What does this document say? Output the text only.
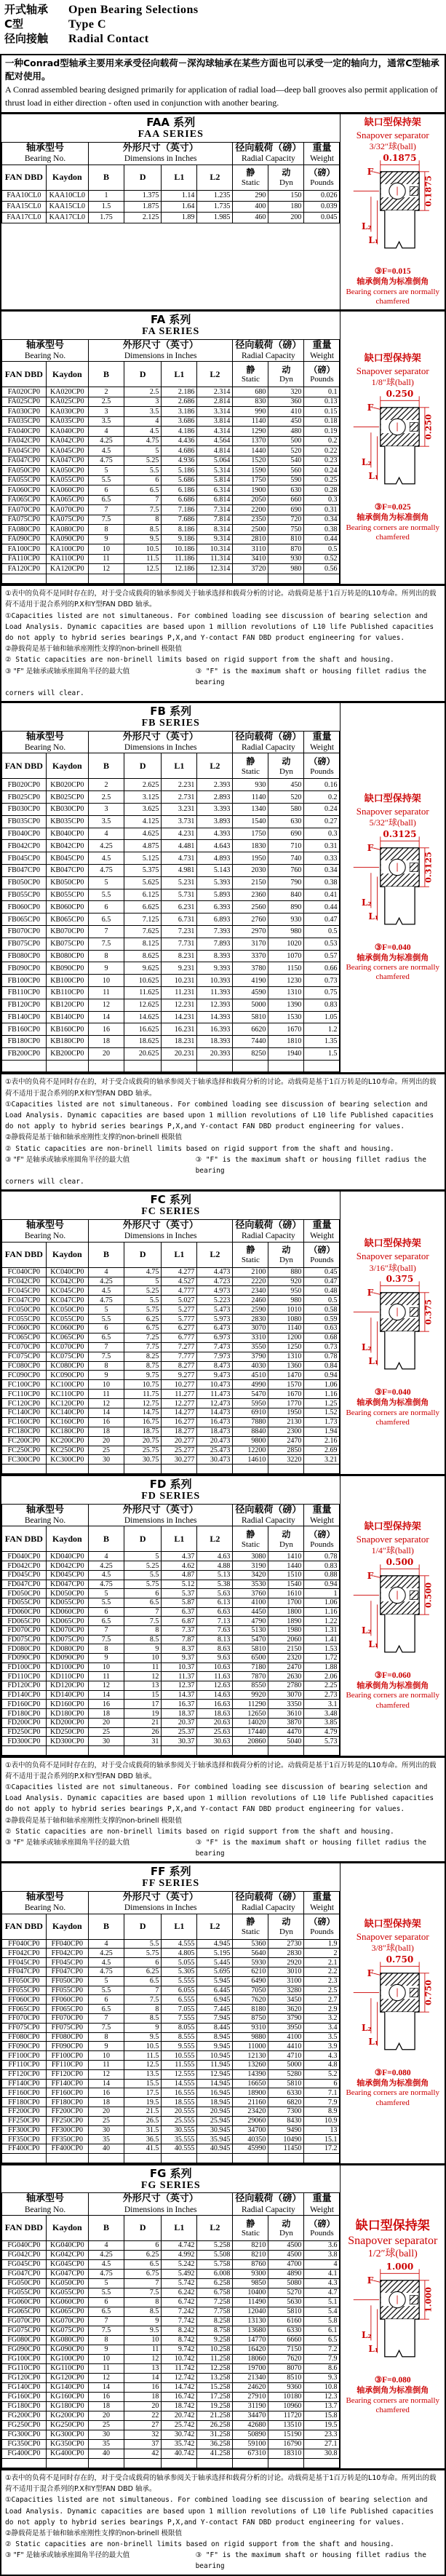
开式轴承	Open Bearing Selections
C型	Type C
径向接触	Radial Contact
一种Conrad型轴承主要用来承受径向载荷－深沟球轴承在某些方面也可以承受一定的轴向力，通常C型轴承配对使用。
A Conrad assembled bearing designed primarily for application of radial load—deep ball grooves also permit application of thrust load in either direction - often used in conjunction with another bearing.
FAA 系列
FAA SERIES
轴承型号
Bearing No.

外形尺寸（英寸）
Dimensions in Inches

径向载荷（磅）
Radial Capacity

重量
Weight

FAN DBD	Kaydon	B	D	L1	L2	静
Static

动
Dyn

（磅）
Pounds

FAA10CL0	KAA10CL0	1	1.375	1.14	1.235	290	150	0.026
FAA15CL0	KAA15CL0	1.5	1.875	1.64	1.735	400	180	0.039
FAA17CL0	KAA17CL0	1.75	2.125	1.89	1.985	460	200	0.045
缺口型保持架
Snapover separator
3/32″球(ball)
0.1875
0.1875
F
L₂
L₁
③F=0.015
轴承倒角为标准倒角
Bearing corners are normally chamfered
FA 系列
FA SERIES
轴承型号
Bearing No.

外形尺寸（英寸）
Dimensions in Inches

径向载荷（磅）
Radial Capacity

重量
Weight

FAN DBD	Kaydon	B	D	L1	L2	静
Static

动
Dyn

（磅）
Pounds

FA020CP0	KA020CP0	2	2.5	2.186	2.314	680	320	0.1
FA025CP0	KA025CP0	2.5	3	2.686	2.814	830	360	0.13
FA030CP0	KA030CP0	3	3.5	3.186	3.314	990	410	0.15
FA035CP0	KA035CP0	3.5	4	3.686	3.814	1140	450	0.18
FA040CP0	KA040CP0	4	4.5	4.186	4.314	1290	480	0.19
FA042CP0	KA042CP0	4.25	4.75	4.436	4.564	1370	500	0.2
FA045CP0	KA045CP0	4.5	5	4.686	4.814	1440	520	0.22
FA047CP0	KA047CP0	4.75	5.25	4.936	5.064	1520	540	0.23
FA050CP0	KA050CP0	5	5.5	5.186	5.314	1590	560	0.24
FA055CP0	KA055CP0	5.5	6	5.686	5.814	1750	590	0.25
FA060CP0	KA060CP0	6	6.5	6.186	6.314	1900	630	0.28
FA065CP0	KA065CP0	6.5	7	6.686	6.814	2050	660	0.3
FA070CP0	KA070CP0	7	7.5	7.186	7.314	2200	690	0.31
FA075CP0	KA075CP0	7.5	8	7.686	7.814	2350	720	0.34
FA080CP0	KA080CP0	8	8.5	8.186	8.314	2500	750	0.38
FA090CP0	KA090CP0	9	9.5	9.186	9.314	2810	810	0.44
FA100CP0	KA100CP0	10	10.5	10.186	10.314	3110	870	0.5
FA110CP0	KA110CP0	11	11.5	11.186	11.314	3410	930	0.52
FA120CP0	KA120CP0	12	12.5	12.186	12.314	3720	980	0.56

缺口型保持架
Snapover separator
1/8″球(ball)
0.250
0.250
F
L₂
L₁
③F=0.025
轴承倒角为标准倒角
Bearing corners are normally chamfered
①表中的负荷不是同时存在的，对于受合成载荷的轴承参阅关于轴承选择和载荷分析的讨论。动载荷是基于1百万转是的L10寿命。所列出的载荷不适用于混合系列的P.X和Y型FAN DBD 轴承。
①Capacities listed are not simultaneous. For combined loading see discussion of bearing selection and Load Analysis. Dynamic capacities are based upon 1 million revolutions of L10 life Published capacities do not apply to hybrid series bearings P,X,and Y-contact FAN DBD product engineering for values.
②静载荷是基于轴和轴承座刚性支撑的non-brinell 极限值
② Static capacities are non-brinell limits based on rigid support from the shaft and housing.
③ "F" 是轴承或轴承座圆角半径的最大值	③ "F" is the maximum shaft or housing fillet radius the bearing
corners will clear.
FB 系列
FB SERIES
轴承型号
Bearing No.

外形尺寸（英寸）
Dimensions in Inches

径向载荷（磅）
Radial Capacity

重量
Weight

FAN DBD	Kaydon	B	D	L1	L2	静
Static

动
Dyn

（磅）
Pounds

FB020CP0	KB020CP0	2	2.625	2.231	2.393	930	450	0.16
FB025CP0	KB025CP0	2.5	3.125	2.731	2.893	1140	520	0.2
FB030CP0	KB030CP0	3	3.625	3.231	3.393	1340	580	0.24
FB035CP0	KB035CP0	3.5	4.125	3.731	3.893	1540	630	0.27
FB040CP0	KB040CP0	4	4.625	4.231	4.393	1750	690	0.3
FB042CP0	KB042CP0	4.25	4.875	4.481	4.643	1830	710	0.31
FB045CP0	KB045CP0	4.5	5.125	4.731	4.893	1950	740	0.33
FB047CP0	KB047CP0	4.75	5.375	4.981	5.143	2030	760	0.34
FB050CP0	KB050CP0	5	5.625	5.231	5.393	2150	790	0.38
FB055CP0	KB055CP0	5.5	6.125	5.731	5.893	2360	840	0.41
FB060CP0	KB060CP0	6	6.625	6.231	6.393	2560	890	0.44
FB065CP0	KB065CP0	6.5	7.125	6.731	6.893	2760	930	0.47
FB070CP0	KB070CP0	7	7.625	7.231	7.393	2970	980	0.5
FB075CP0	KB075CP0	7.5	8.125	7.731	7.893	3170	1020	0.53
FB080CP0	KB080CP0	8	8.625	8.231	8.393	3370	1070	0.57
FB090CP0	KB090CP0	9	9.625	9.231	9.393	3780	1150	0.66
FB100CP0	KB100CP0	10	10.625	10.231	10.393	4190	1230	0.73
FB110CP0	KB110CP0	11	11.625	11.231	11.393	4590	1310	0.75
FB120CP0	KB120CP0	12	12.625	12.231	12.393	5000	1390	0.83
FB140CP0	KB140CP0	14	14.625	14.231	14.393	5810	1530	1.05
FB160CP0	KB160CP0	16	16.625	16.231	16.393	6620	1670	1.2
FB180CP0	KB180CP0	18	18.625	18.231	18.393	7440	1810	1.35
FB200CP0	KB200CP0	20	20.625	20.231	20.393	8250	1940	1.5

缺口型保持架
Snapover separator
5/32″球(ball)
0.3125
0.3125
F
L₂
L₁
③F=0.040
轴承倒角为标准倒角
Bearing corners are normally chamfered
①表中的负荷不是同时存在的，对于受合成载荷的轴承参阅关于轴承选择和载荷分析的讨论。动载荷是基于1百万转是的L10寿命。所列出的载荷不适用于混合系列的P.X和Y型FAN DBD 轴承。
①Capacities listed are not simultaneous. For combined loading see discussion of bearing selection and Load Analysis. Dynamic capacities are based upon 1 million revolutions of L10 life Published capacities do not apply to hybrid series bearings P,X,and Y-contact FAN DBD product engineering for values.
②静载荷是基于轴和轴承座刚性支撑的non-brinell 极限值
② Static capacities are non-brinell limits based on rigid support from the shaft and housing.
③ "F" 是轴承或轴承座圆角半径的最大值	③ "F" is the maximum shaft or housing fillet radius the bearing
corners will clear.
FC 系列
FC SERIES
轴承型号
Bearing No.

外形尺寸（英寸）
Dimensions in Inches

径向载荷（磅）
Radial Capacity

重量
Weight

FAN DBD	Kaydon	B	D	L1	L2	静
Static

动
Dyn

（磅）
Pounds

FC040CP0	KC040CP0	4	4.75	4.277	4.473	2100	880	0.45
FC042CP0	KC042CP0	4.25	5	4.527	4.723	2220	920	0.47
FC045CP0	KC045CP0	4.5	5.25	4.777	4.973	2340	950	0.48
FC047CP0	KC047CP0	4.75	5.5	5.027	5.223	2460	980	0.5
FC050CP0	KC050CP0	5	5.75	5.277	5.473	2590	1010	0.58
FC055CP0	KC055CP0	5.5	6.25	5.777	5.973	2830	1080	0.59
FC060CP0	KC060CP0	6	6.75	6.277	6.473	3070	1140	0.63
FC065CP0	KC065CP0	6.5	7.25	6.777	6.973	3310	1200	0.68
FC070CP0	KC070CP0	7	7.75	7.277	7.473	3550	1250	0.73
FC075CP0	KC075CP0	7.5	8.25	7.777	7.973	3790	1310	0.78
FC080CP0	KC080CP0	8	8.75	8.277	8.473	4030	1360	0.84
FC090CP0	KC090CP0	9	9.75	9.277	9.473	4510	1470	0.94
FC100CP0	KC100CP0	10	10.75	10.277	10.473	4990	1570	1.06
FC110CP0	KC110CP0	11	11.75	11.277	11.473	5470	1670	1.16
FC120CP0	KC120CP0	12	12.75	12.277	12.473	5950	1770	1.25
FC140CP0	KC140CP0	14	14.75	14.277	14.473	6910	1950	1.52
FC160CP0	KC160CP0	16	16.75	16.277	16.473	7880	2130	1.73
FC180CP0	KC180CP0	18	18.75	18.277	18.473	8840	2300	1.94
FC200CP0	KC200CP0	20	20.75	20.277	20.473	9800	2470	2.16
FC250CP0	KC250CP0	25	25.75	25.277	25.473	12200	2850	2.69
FC300CP0	KC300CP0	30	30.75	30.277	30.473	14610	3220	3.21

缺口型保持架
Snapover separator
3/16″球(ball)
0.375
0.375
F
L₂
L₁
③F=0.040
轴承倒角为标准倒角
Bearing corners are normally chamfered
FD 系列
FD SERIES
轴承型号
Bearing No.

外形尺寸（英寸）
Dimensions in Inches

径向载荷（磅）
Radial Capacity

重量
Weight

FAN DBD	Kaydon	B	D	L1	L2	静
Static

动
Dyn

（磅）
Pounds

FD040CP0	KD040CP0	4	5	4.37	4.63	3080	1410	0.78
FD042CP0	KD042CP0	4.25	5.25	4.62	4.88	3190	1440	0.83
FD045CP0	KD045CP0	4.5	5.5	4.87	5.13	3420	1510	0.88
FD047CP0	KD047CP0	4.75	5.75	5.12	5.38	3530	1540	0.94
FD050CP0	KD050CP0	5	6	5.37	5.63	3760	1610	1
FD055CP0	KD055CP0	5.5	6.5	5.87	6.13	4100	1700	1.06
FD060CP0	KD060CP0	6	7	6.37	6.63	4450	1800	1.16
FD065CP0	KD065CP0	6.5	7.5	6.87	7.13	4790	1890	1.22
FD070CP0	KD070CP0	7	8	7.37	7.63	5130	1980	1.31
FD075CP0	KD075CP0	7.5	8.5	7.87	8.13	5470	2060	1.41
FD080CP0	KD080CP0	8	9	8.37	8.63	5810	2150	1.53
FD090CP0	KD090CP0	9	10	9.37	9.63	6500	2320	1.72
FD100CP0	KD100CP0	10	11	10.37	10.63	7180	2470	1.88
FD110CP0	KD110CP0	11	12	11.37	11.63	7870	2630	2.06
FD120CP0	KD120CP0	12	13	12.37	12.63	8550	2780	2.25
FD140CP0	KD140CP0	14	15	14.37	14.63	9920	3070	2.73
FD160CP0	KD160CP0	16	17	16.37	16.63	11290	3350	3.1
FD180CP0	KD180CP0	18	19	18.37	18.63	12650	3610	3.48
FD200CP0	KD200CP0	20	21	20.37	20.63	14020	3870	3.85
FD250CP0	KD250CP0	25	26	25.37	25.63	17440	4470	4.79
FD300CP0	KD300CP0	30	31	30.37	30.63	20860	5040	5.73

缺口型保持架
Snapover separator
1/4″球(ball)
0.500
0.500
F
L₂
L₁
③F=0.060
轴承倒角为标准倒角
Bearing corners are normally chamfered
①表中的负荷不是同时存在的，对于受合成载荷的轴承参阅关于轴承选择和载荷分析的讨论。动载荷是基于1百万转是的L10寿命。所列出的载荷不适用于混合系列的P.X和Y型FAN DBD 轴承。
①Capacities listed are not simultaneous. For combined loading see discussion of bearing selection and Load Analysis. Dynamic capacities are based upon 1 million revolutions of L10 life Published capacities do not apply to hybrid series bearings P,X,and Y-contact FAN DBD product engineering for values.
②静载荷是基于轴和轴承座刚性支撑的non-brinell 极限值
② Static capacities are non-brinell limits based on rigid support from the shaft and housing.
③ "F" 是轴承或轴承座圆角半径的最大值	③ "F" is the maximum shaft or housing fillet radius the bearing
FF 系列
FF SERIES
轴承型号
Bearing No.

外形尺寸（英寸）
Dimensions in Inches

径向载荷（磅）
Radial Capacity

重量
Weight

FAN DBD	Kaydon	B	D	L1	L2	静
Static

动
Dyn

（磅）
Pounds

FF040CP0	FF040CP0	4	5.5	4.555	4.945	5360	2730	1.9
FF042CP0	FF042CP0	4.25	5.75	4.805	5.195	5640	2830	2
FF045CP0	FF045CP0	4.5	6	5.055	5.445	5930	2920	2.1
FF047CP0	FF047CP0	4.75	6.25	5.305	5.695	6210	3010	2.2
FF050CP0	FF050CP0	5	6.5	5.555	5.945	6490	3100	2.3
FF055CP0	FF055CP0	5.5	7	6.055	6.445	7050	3280	2.5
FF060CP0	FF060CP0	6	7.5	6.555	6.945	7620	3450	2.7
FF065CP0	FF065CP0	6.5	8	7.055	7.445	8180	3620	2.9
FF070CP0	FF070CP0	7	8.5	7.555	7.945	8750	3790	3.2
FF075CP0	FF075CP0	7.5	9	8.055	8.445	9310	3950	3.4
FF080CP0	FF080CP0	8	9.5	8.555	8.945	9880	4100	3.5
FF090CP0	FF090CP0	9	10.5	9.555	9.945	11000	4410	3.9
FF100CP0	FF100CP0	10	11.5	10.555	10.945	12130	4710	4.3
FF110CP0	FF110CP0	11	12.5	11.555	11.945	13260	5000	4.8
FF120CP0	FF120CP0	12	13.5	12.555	12.945	14390	5280	5.2
FF140CP0	FF140CP0	14	15.5	14.555	14.945	16650	5810	6
FF160CP0	FF160CP0	16	17.5	16.555	16.945	18900	6330	7.1
FF180CP0	FF180CP0	18	19.5	18.555	18.945	21160	6820	7.9
FF200CP0	FF200CP0	20	21.5	20.555	20.945	23420	7300	8.9
FF250CP0	FF250CP0	25	26.5	25.555	25.945	29060	8430	10.9
FF300CP0	FF300CP0	30	31.5	30.555	30.945	34700	9490	13
FF350CP0	FF350CP0	35	36.5	35.555	35.945	40350	10490	15.1
FF400CP0	FF400CP0	40	41.5	40.555	40.945	45990	11450	17.2

缺口型保持架
Snapover separator
3/8″球(ball)
0.750
0.750
F
L₂
L₁
③F=0.080
轴承倒角为标准倒角
Bearing corners are normally chamfered
FG 系列
FG SERIES
轴承型号
Bearing No.

外形尺寸（英寸）
Dimensions in Inches

径向载荷（磅）
Radial Capacity

重量
Weight

FAN DBD	Kaydon	B	D	L1	L2	静
Static

动
Dyn

（磅）
Pounds

FG040CP0	KG040CP0	4	6	4.742	5.258	8210	4500	3.6
FG042CP0	KG042CP0	4.25	6.25	4.992	5.508	8210	4500	3.8
FG045CP0	KG045CP0	4.5	6.5	5.242	5.758	8760	4700	4
FG047CP0	KG047CP0	4.75	6.75	5.492	6.008	9300	4890	4.1
FG050CP0	KG050CP0	5	7	5.742	6.258	9850	5080	4.3
FG055CP0	KG055CP0	5.5	7.5	6.242	6.758	10400	5270	4.7
FG060CP0	KG060CP0	6	8	6.742	7.258	11490	5630	5.1
FG065CP0	KG065CP0	6.5	8.5	7.242	7.758	12040	5810	5.4
FG070CP0	KG070CP0	7	9	7.742	8.258	13130	6160	5.8
FG075CP0	KG075CP0	7.5	9.5	8.242	8.758	13680	6330	6.1
FG080CP0	KG080CP0	8	10	8.742	9.258	14770	6660	6.5
FG090CP0	KG090CP0	9	11	9.742	10.258	16420	7150	7.2
FG100CP0	KG100CP0	10	12	10.742	11.258	18060	7620	7.9
FG110CP0	KG110CP0	11	13	11.742	12.258	19700	8070	8.6
FG120CP0	KG120CP0	12	14	12.742	13.258	21340	8510	9.3
FG140CP0	KG140CP0	14	16	14.742	15.258	24620	9360	10.8
FG160CP0	KG160CP0	16	18	16.742	17.258	27910	10180	12.3
FG180CP0	KG180CP0	18	20	18.742	19.258	31190	10960	13.7
FG200CP0	KG200CP0	20	22	20.742	21.258	34470	11720	15.8
FG250CP0	KG250CP0	25	27	25.742	26.258	42680	13510	19.5
FG300CP0	KG300CP0	30	32	30.742	31.258	50890	15190	23.3
FG350CP0	KG350CP0	35	37	35.742	36.258	59100	16790	27.1
FG400CP0	KG400CP0	40	42	40.742	41.258	67310	18310	30.8

缺口型保持架
Snapover separator
1/2″球(ball)
1.000
1.000
F
L₂
L₁
③F=0.080
轴承倒角为标准倒角
Bearing corners are normally chamfered
①表中的负荷不是同时存在的，对于受合成载荷的轴承参阅关于轴承选择和载荷分析的讨论。动载荷是基于1百万转是的L10寿命。所列出的载荷不适用于混合系列的P.X和Y型FAN DBD 轴承。
①Capacities listed are not simultaneous. For combined loading see discussion of bearing selection and Load Analysis. Dynamic capacities are based upon 1 million revolutions of L10 life Published capacities do not apply to hybrid series bearings P,X,and Y-contact FAN DBD product engineering for values.
②静载荷是基于轴和轴承座刚性支撑的non-brinell 极限值
② Static capacities are non-brinell limits based on rigid support from the shaft and housing.
③ "F" 是轴承或轴承座圆角半径的最大值	③ "F" is the maximum shaft or housing fillet radius the bearing
